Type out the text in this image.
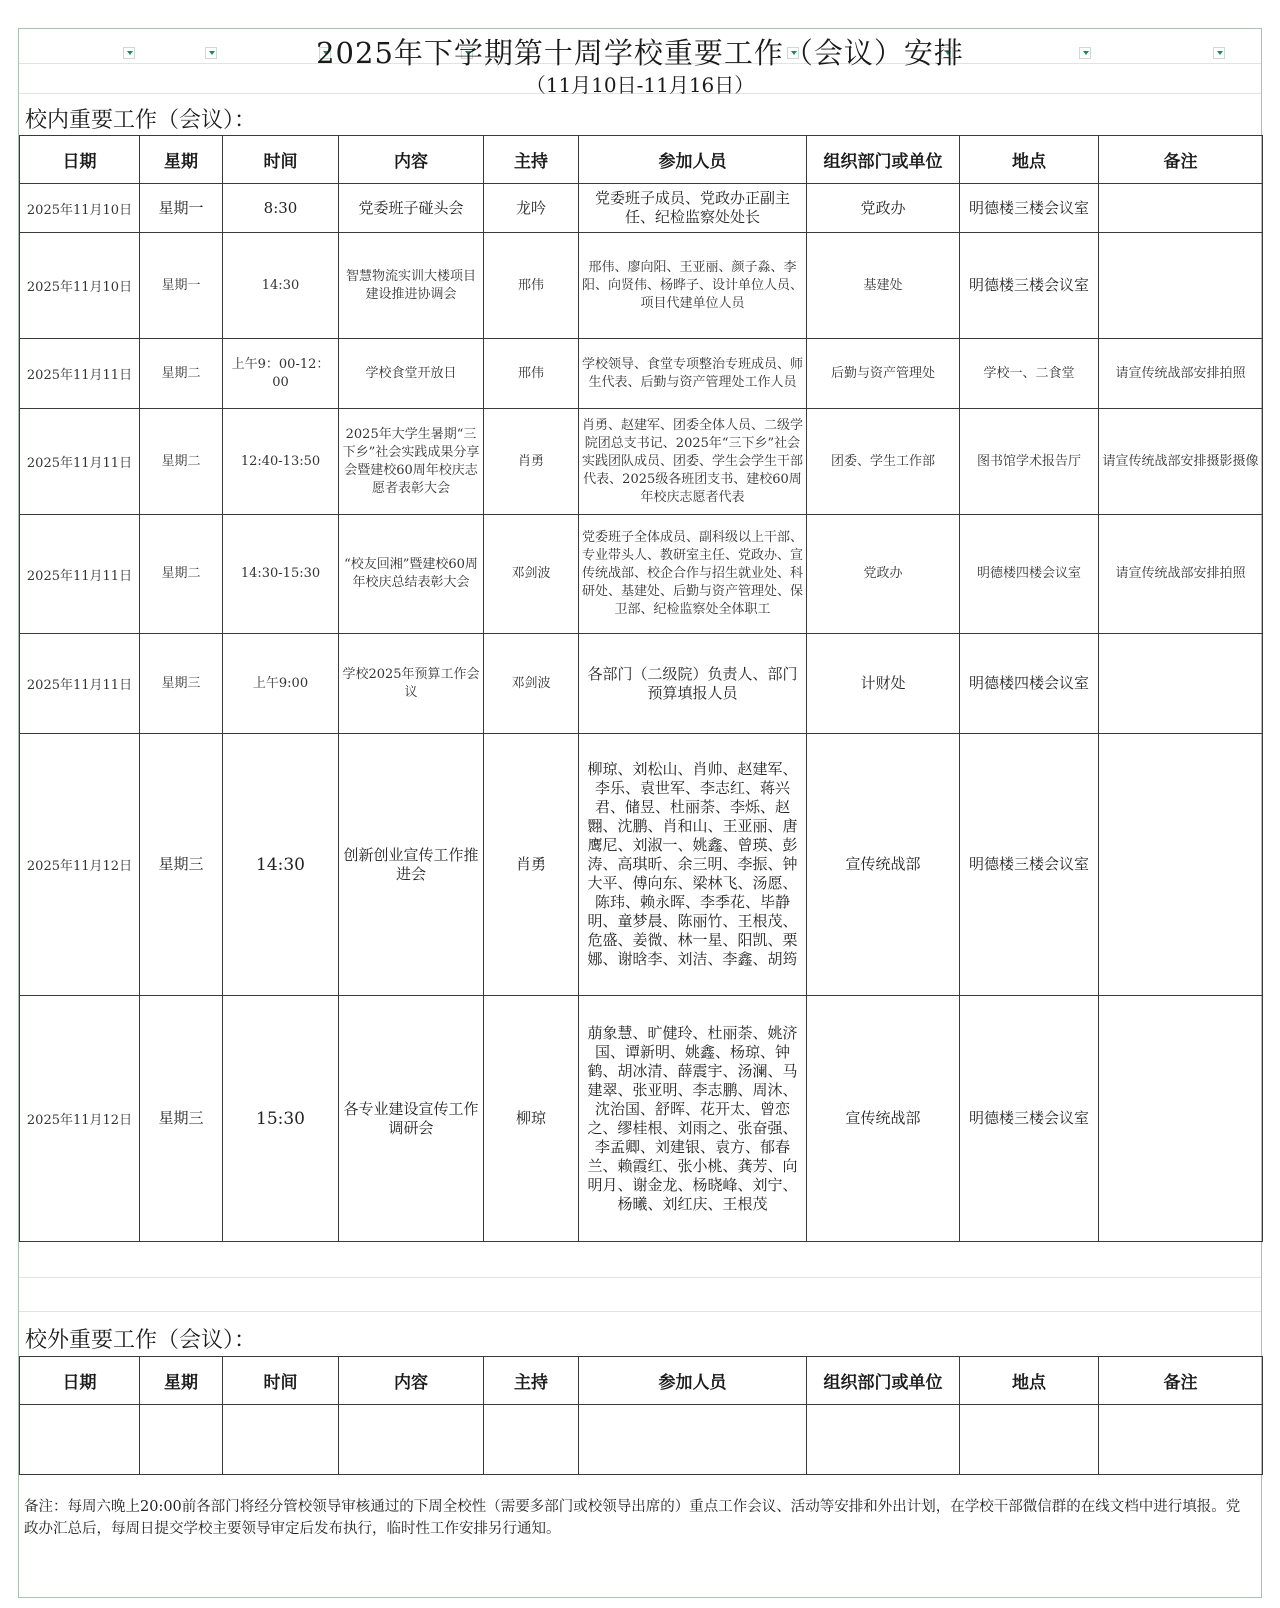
2025年下学期第十周学校重要工作（会议）安排
（11月10日-11月16日）
校内重要工作（会议）：
日期	星期	时间	内容	主持	参加人员	组织部门或单位	地点	备注
2025年11月10日	星期一	8:30	党委班子碰头会	龙吟	党委班子成员、党政办正副主任、纪检监察处处长	党政办	明德楼三楼会议室	
2025年11月10日	星期一	14:30	智慧物流实训大楼项目建设推进协调会	邢伟	邢伟、廖向阳、王亚丽、颜子淼、李阳、向贤伟、杨晔子、设计单位人员、项目代建单位人员	基建处	明德楼三楼会议室	
2025年11月11日	星期二	上午9：00-12：00	学校食堂开放日	邢伟	学校领导、食堂专项整治专班成员、师生代表、后勤与资产管理处工作人员	后勤与资产管理处	学校一、二食堂	请宣传统战部安排拍照
2025年11月11日	星期二	12:40-13:50	2025年大学生暑期“三下乡”社会实践成果分享会暨建校60周年校庆志愿者表彰大会	肖勇	肖勇、赵建军、团委全体人员、二级学院团总支书记、2025年“三下乡”社会实践团队成员、团委、学生会学生干部代表、2025级各班团支书、建校60周年校庆志愿者代表	团委、学生工作部	图书馆学术报告厅	请宣传统战部安排摄影摄像
2025年11月11日	星期二	14:30-15:30	“校友回湘”暨建校60周年校庆总结表彰大会	邓剑波	党委班子全体成员、副科级以上干部、专业带头人、教研室主任、党政办、宣传统战部、校企合作与招生就业处、科研处、基建处、后勤与资产管理处、保卫部、纪检监察处全体职工	党政办	明德楼四楼会议室	请宣传统战部安排拍照
2025年11月11日	星期三	上午9:00	学校2025年预算工作会议	邓剑波	各部门（二级院）负责人、部门预算填报人员	计财处	明德楼四楼会议室	
2025年11月12日	星期三	14:30	创新创业宣传工作推进会	肖勇	柳琼、刘松山、肖帅、赵建军、李乐、袁世军、李志红、蒋兴君、储昱、杜丽荼、李烁、赵翾、沈鹏、肖和山、王亚丽、唐鹰尼、刘淑一、姚鑫、曾瑛、彭涛、高琪昕、余三明、李振、钟大平、傅向东、梁林飞、汤愿、陈玮、赖永晖、李季花、毕静明、童梦晨、陈丽竹、王根茂、危盛、姜微、林一星、阳凯、栗娜、谢晗李、刘洁、李鑫、胡筠	宣传统战部	明德楼三楼会议室	
2025年11月12日	星期三	15:30	各专业建设宣传工作调研会	柳琼	萠象慧、旷健玲、杜丽荼、姚济国、谭新明、姚鑫、杨琼、钟鹤、胡冰清、薛震宇、汤澜、马建翠、张亚明、李志鹏、周沐、沈治国、舒晖、花开太、曾恋之、缪桂根、刘雨之、张奋强、李孟卿、刘建银、袁方、郁春兰、赖霞红、张小桃、龚芳、向明月、谢金龙、杨晓峰、刘宁、杨曦、刘红庆、王根茂	宣传统战部	明德楼三楼会议室	
校外重要工作（会议）：
日期	星期	时间	内容	主持	参加人员	组织部门或单位	地点	备注

备注：每周六晚上20:00前各部门将经分管校领导审核通过的下周全校性（需要多部门或校领导出席的）重点工作会议、活动等安排和外出计划，在学校干部微信群的在线文档中进行填报。党政办汇总后，每周日提交学校主要领导审定后发布执行，临时性工作安排另行通知。
